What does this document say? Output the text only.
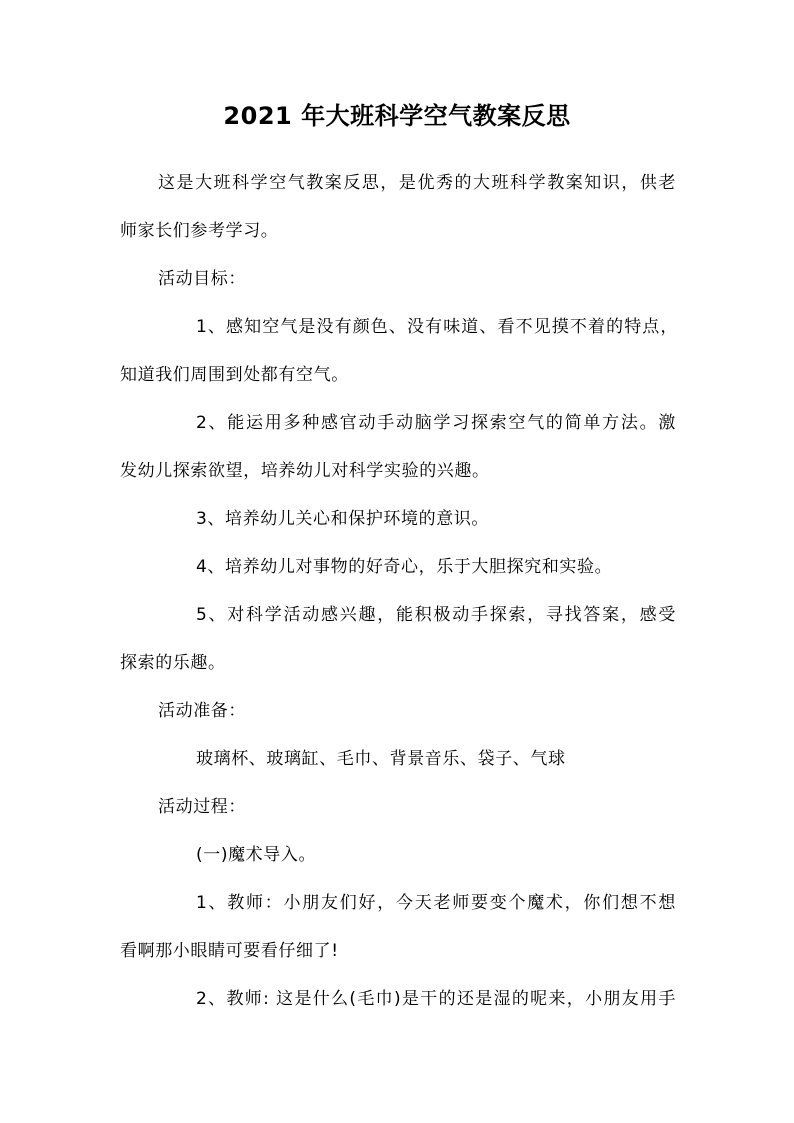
2021 年大班科学空气教案反思
这是大班科学空气教案反思，是优秀的大班科学教案知识，供老
师家长们参考学习。
活动目标：
1、感知空气是没有颜色、没有味道、看不见摸不着的特点，
知道我们周围到处都有空气。
2、能运用多种感官动手动脑学习探索空气的简单方法。激
发幼儿探索欲望，培养幼儿对科学实验的兴趣。
3、培养幼儿关心和保护环境的意识。
4、培养幼儿对事物的好奇心，乐于大胆探究和实验。
5、对科学活动感兴趣，能积极动手探索，寻找答案，感受
探索的乐趣。
活动准备：
玻璃杯、玻璃缸、毛巾、背景音乐、袋子、气球
活动过程：
(一)魔术导入。
1、教师：小朋友们好，今天老师要变个魔术，你们想不想
看啊那小眼睛可要看仔细了!
2、教师: 这是什么(毛巾)是干的还是湿的呢来，小朋友用手
